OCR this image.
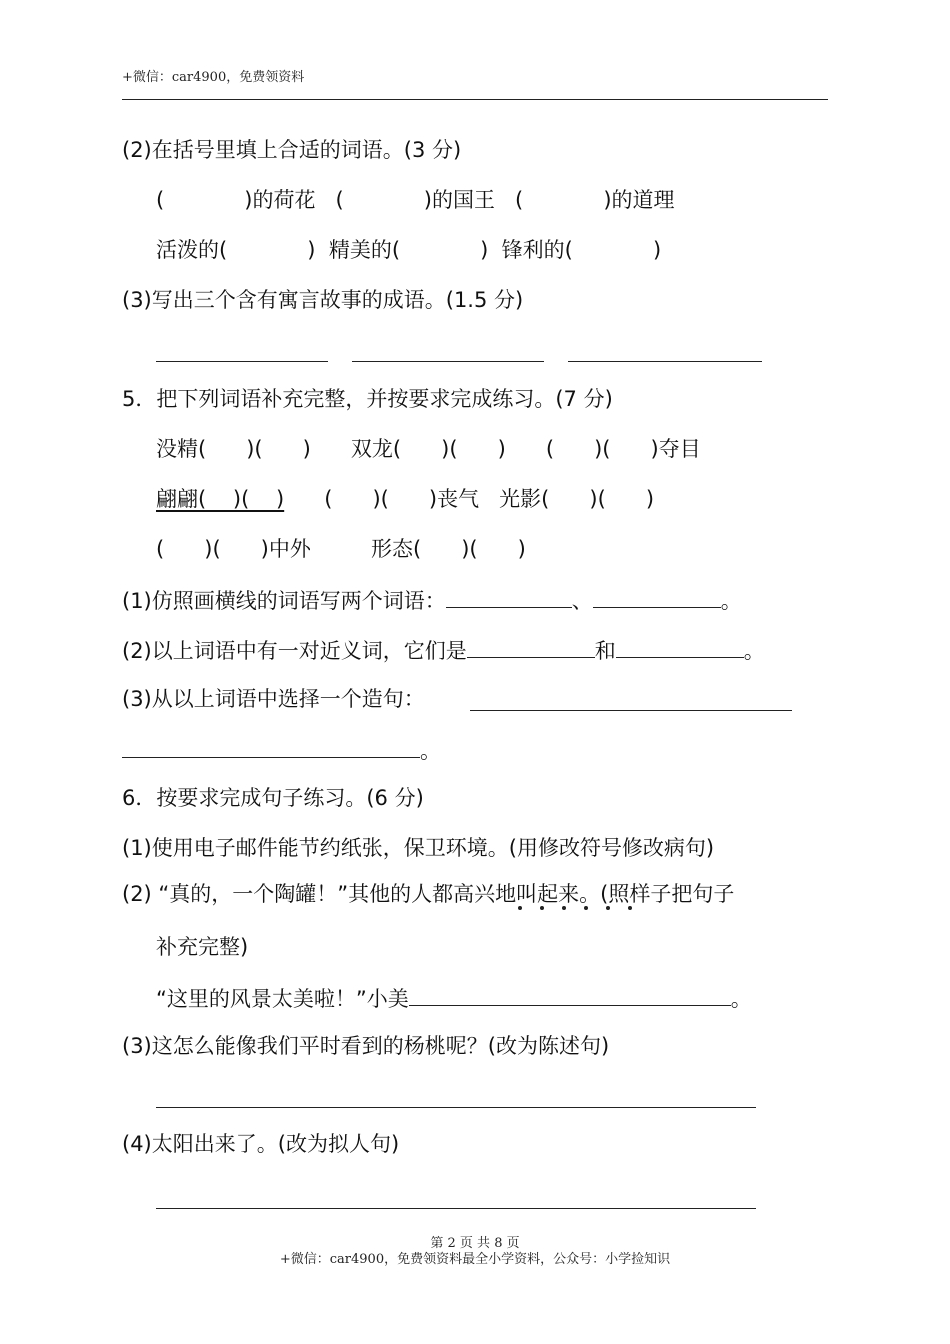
+微信：car4900，免费领资料
(2)在括号里填上合适的词语。(3 分)
(            )的荷花   (            )的国王   (            )的道理
活泼的(            )  精美的(            )  锋利的(            )
(3)写出三个含有寓言故事的成语。(1.5 分)
5．把下列词语补充完整，并按要求完成练习。(7 分)
没精(      )(      )      双龙(      )(      )      (      )(      )夺目
翩翩(    )(    )      (      )(      )丧气   光影(      )(      )
(      )(      )中外         形态(      )(      )
(1)仿照画横线的词语写两个词语：	、	。
(2)以上词语中有一对近义词，它们是	和	。
(3)从以上词语中选择一个造句：
。
6．按要求完成句子练习。(6 分)
(1)使用电子邮件能节约纸张，保卫环境。(用修改符号修改病句)
(2) “真的，一个陶罐！”其他的人都高兴地叫起来。(照样子把句子
补充完整)
“这里的风景太美啦！”小美	。
(3)这怎么能像我们平时看到的杨桃呢？(改为陈述句)
(4)太阳出来了。(改为拟人句)
第 2 页 共 8 页
+微信：car4900，免费领资料最全小学资料，公众号：小学捡知识
